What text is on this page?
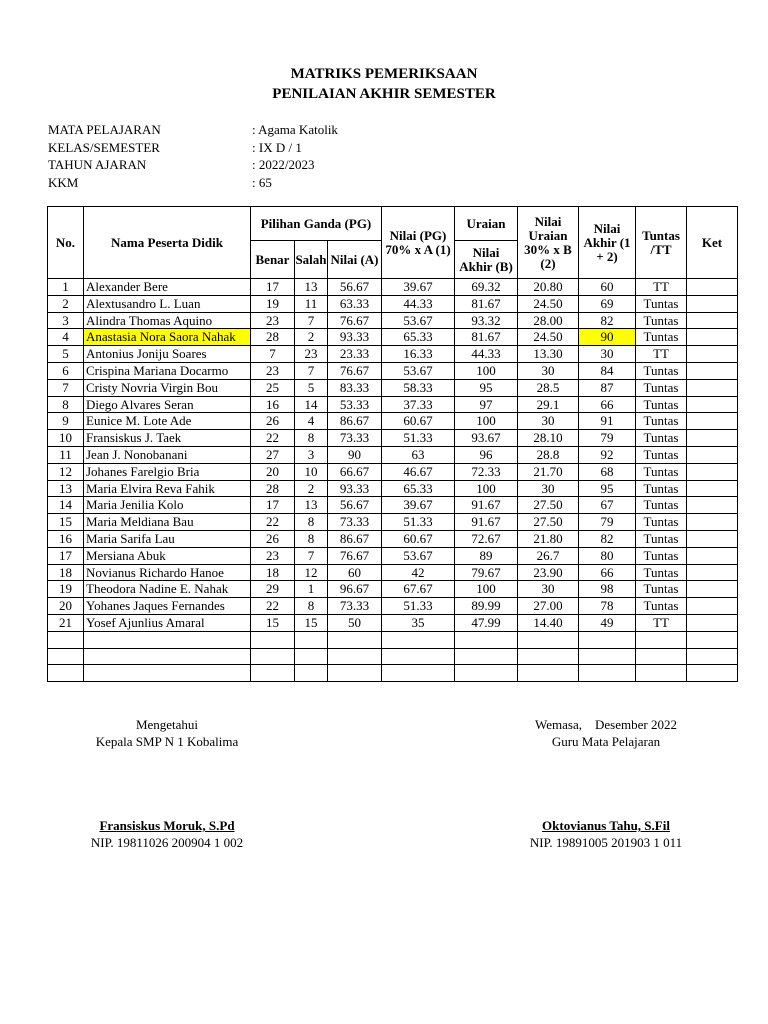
MATRIKS PEMERIKSAAN
PENILAIAN AKHIR SEMESTER
MATA PELAJARAN	: Agama Katolik
KELAS/SEMESTER	: IX D / 1
TAHUN AJARAN	: 2022/2023
KKM	: 65
No.	Nama Peserta Didik	Pilihan Ganda (PG)			Nilai (PG) 70% x A (1)	Uraian	Nilai Uraian 30% x B (2)	Nilai Akhir (1 + 2)	Tuntas /TT	Ket
		Benar	Salah	Nilai (A)		Nilai Akhir (B)				
1	Alexander Bere	17	13	56.67	39.67	69.32	20.80	60	TT	
2	Alextusandro L. Luan	19	11	63.33	44.33	81.67	24.50	69	Tuntas	
3	Alindra Thomas Aquino	23	7	76.67	53.67	93.32	28.00	82	Tuntas	
4	Anastasia Nora Saora Nahak	28	2	93.33	65.33	81.67	24.50	90	Tuntas	
5	Antonius Joniju Soares	7	23	23.33	16.33	44.33	13.30	30	TT	
6	Crispina Mariana Docarmo	23	7	76.67	53.67	100	30	84	Tuntas	
7	Cristy Novria Virgin Bou	25	5	83.33	58.33	95	28.5	87	Tuntas	
8	Diego Alvares Seran	16	14	53.33	37.33	97	29.1	66	Tuntas	
9	Eunice M. Lote Ade	26	4	86.67	60.67	100	30	91	Tuntas	
10	Fransiskus J. Taek	22	8	73.33	51.33	93.67	28.10	79	Tuntas	
11	Jean J. Nonobanani	27	3	90	63	96	28.8	92	Tuntas	
12	Johanes Farelgio Bria	20	10	66.67	46.67	72.33	21.70	68	Tuntas	
13	Maria Elvira Reva Fahik	28	2	93.33	65.33	100	30	95	Tuntas	
14	Maria Jenilia Kolo	17	13	56.67	39.67	91.67	27.50	67	Tuntas	
15	Maria Meldiana Bau	22	8	73.33	51.33	91.67	27.50	79	Tuntas	
16	Maria Sarifa Lau	26	8	86.67	60.67	72.67	21.80	82	Tuntas	
17	Mersiana Abuk	23	7	76.67	53.67	89	26.7	80	Tuntas	
18	Novianus Richardo Hanoe	18	12	60	42	79.67	23.90	66	Tuntas	
19	Theodora Nadine E. Nahak	29	1	96.67	67.67	100	30	98	Tuntas	
20	Yohanes Jaques Fernandes	22	8	73.33	51.33	89.99	27.00	78	Tuntas	
21	Yosef Ajunlius Amaral	15	15	50	35	47.99	14.40	49	TT	

Mengetahui
Kepala SMP N 1 Kobalima
Fransiskus Moruk, S.Pd
NIP. 19811026 200904 1 002
Wemasa,    Desember 2022
Guru Mata Pelajaran
Oktovianus Tahu, S.Fil
NIP. 19891005 201903 1 011
